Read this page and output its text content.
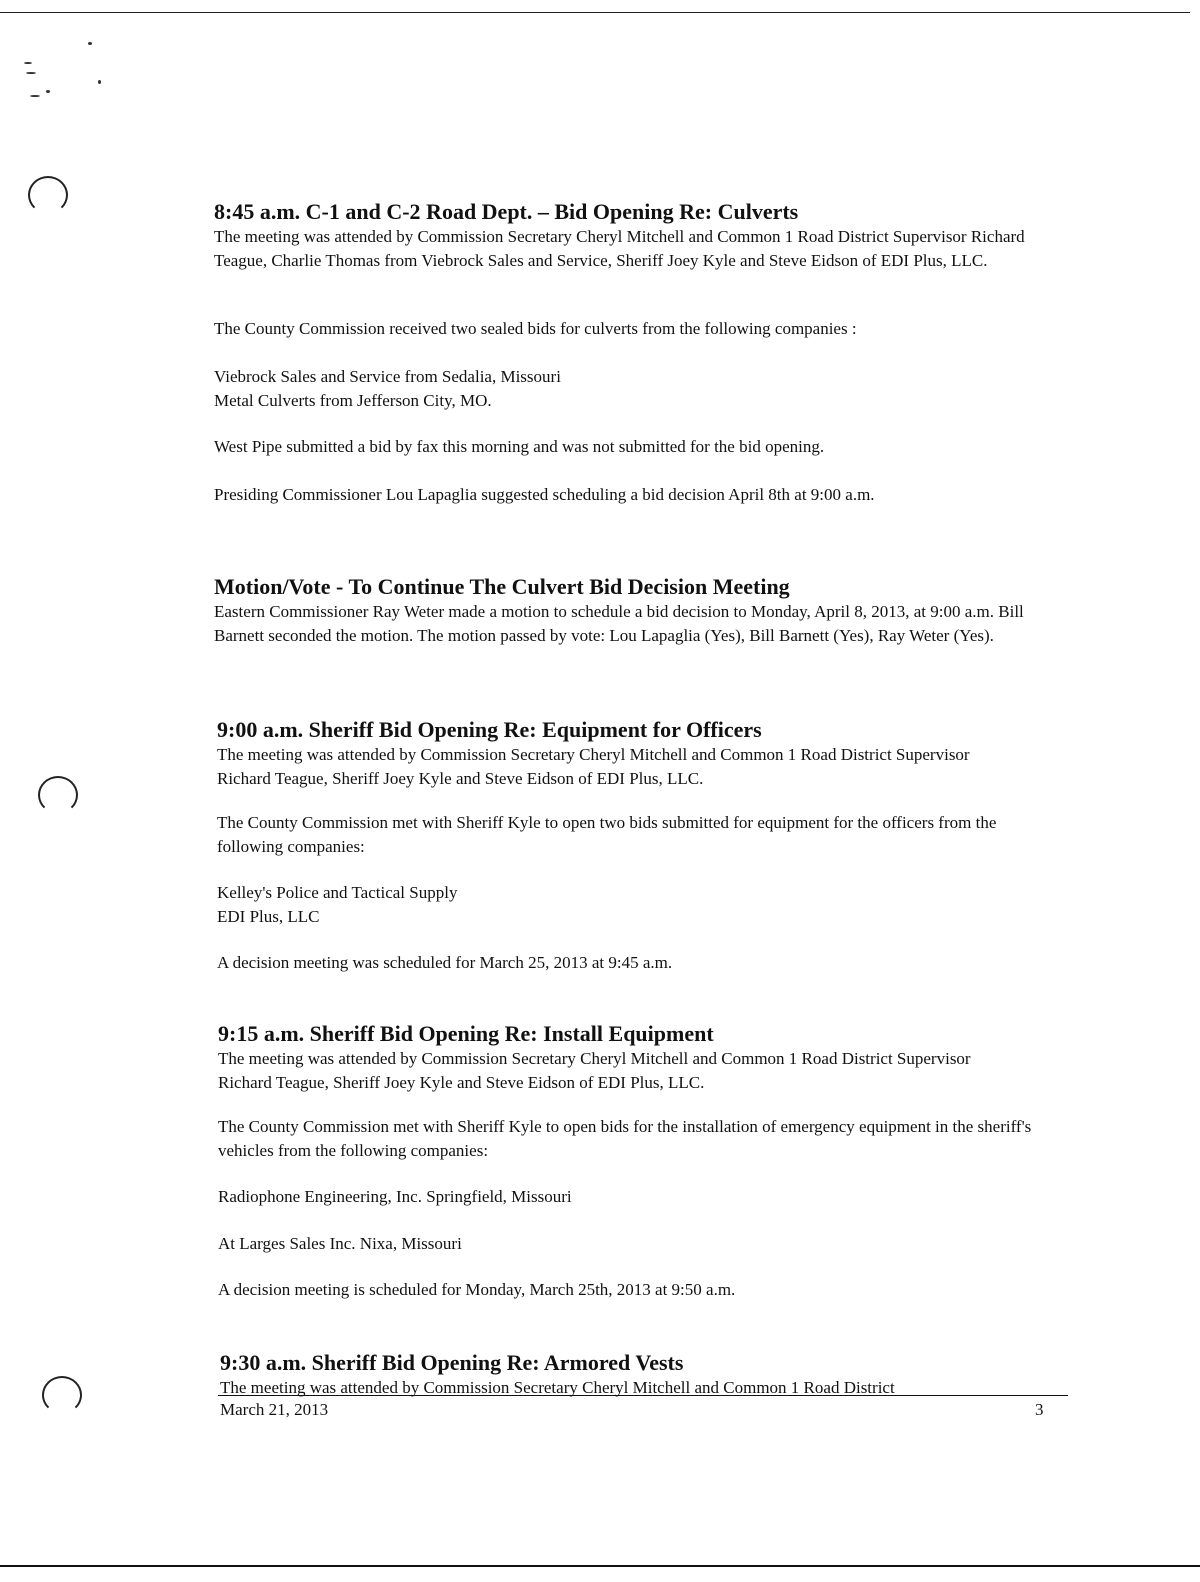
8:45 a.m. C-1 and C-2 Road Dept. – Bid Opening Re: Culverts

The meeting was attended by Commission Secretary Cheryl Mitchell and Common 1 Road District Supervisor Richard Teague, Charlie Thomas from Viebrock Sales and Service, Sheriff Joey Kyle and Steve Eidson of EDI Plus, LLC.

The County Commission received two sealed bids for culverts from the following companies :

Viebrock Sales and Service from Sedalia, Missouri
Metal Culverts from Jefferson City, MO.

West Pipe submitted a bid by fax this morning and was not submitted for the bid opening.

Presiding Commissioner Lou Lapaglia suggested scheduling a bid decision April 8th at 9:00 a.m.

Motion/Vote - To Continue The Culvert Bid Decision Meeting

Eastern Commissioner Ray Weter made a motion to schedule a bid decision to Monday, April 8, 2013, at 9:00 a.m. Bill Barnett seconded the motion. The motion passed by vote: Lou Lapaglia (Yes), Bill Barnett (Yes), Ray Weter (Yes).

9:00 a.m. Sheriff Bid Opening Re: Equipment for Officers

The meeting was attended by Commission Secretary Cheryl Mitchell and Common 1 Road District Supervisor Richard Teague, Sheriff Joey Kyle and Steve Eidson of EDI Plus, LLC.

The County Commission met with Sheriff Kyle to open two bids submitted for equipment for the officers from the following companies:

Kelley's Police and Tactical Supply
EDI Plus, LLC

A decision meeting was scheduled for March 25, 2013 at 9:45 a.m.

9:15 a.m. Sheriff Bid Opening Re: Install Equipment

The meeting was attended by Commission Secretary Cheryl Mitchell and Common 1 Road District Supervisor Richard Teague, Sheriff Joey Kyle and Steve Eidson of EDI Plus, LLC.

The County Commission met with Sheriff Kyle to open bids for the installation of emergency equipment in the sheriff's vehicles from the following companies:

Radiophone Engineering, Inc. Springfield, Missouri

At Larges Sales Inc. Nixa, Missouri

A decision meeting is scheduled for Monday, March 25th, 2013 at 9:50 a.m.

9:30 a.m. Sheriff Bid Opening Re: Armored Vests

The meeting was attended by Commission Secretary Cheryl Mitchell and Common 1 Road District

March 21, 2013	3
